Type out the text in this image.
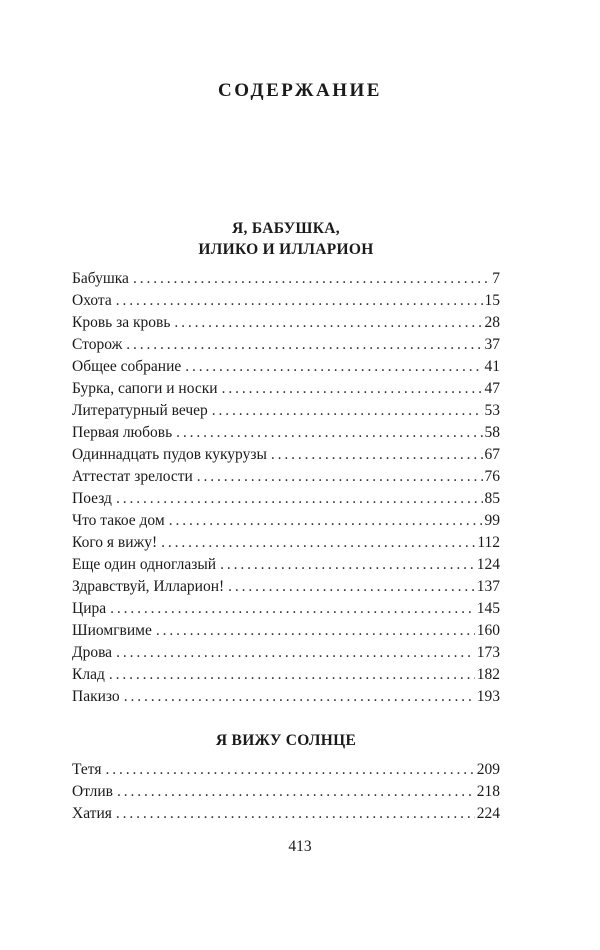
СОДЕРЖАНИЕ
Я, БАБУШКА,
ИЛИКО И ИЛЛАРИОН
Бабушка . . .	7
Охота . . .	15
Кровь за кровь . . .	28
Сторож . . .	37
Общее собрание . . .	41
Бурка, сапоги и носки . . .	47
Литературный вечер . . .	53
Первая любовь . . .	58
Одиннадцать пудов кукурузы . . .	67
Аттестат зрелости . . .	76
Поезд . . .	85
Что такое дом . . .	99
Кого я вижу! . . .	112
Еще один одноглазый . . .	124
Здравствуй, Илларион! . . .	137
Цира . . .	145
Шиомгвиме . . .	160
Дрова . . .	173
Клад . . .	182
Пакизо . . .	193
Я ВИЖУ СОЛНЦЕ
Тетя . . .	209
Отлив . . .	218
Хатия . . .	224
413
